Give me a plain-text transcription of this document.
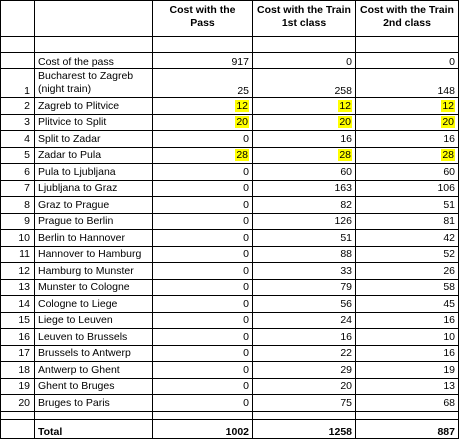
		Cost with the Pass	Cost with the Train 1st class	Cost with the Train 2nd class

	Cost of the pass	917	0	0
1	Bucharest to Zagreb (night train)	25	258	148
2	Zagreb to Plitvice	12	12	12
3	Plitvice to Split	20	20	20
4	Split to Zadar	0	16	16
5	Zadar to Pula	28	28	28
6	Pula to Ljubljana	0	60	60
7	Ljubljana to Graz	0	163	106
8	Graz to Prague	0	82	51
9	Prague to Berlin	0	126	81
10	Berlin to Hannover	0	51	42
11	Hannover to Hamburg	0	88	52
12	Hamburg to Munster	0	33	26
13	Munster to Cologne	0	79	58
14	Cologne to Liege	0	56	45
15	Liege to Leuven	0	24	16
16	Leuven to Brussels	0	16	10
17	Brussels to Antwerp	0	22	16
18	Antwerp to Ghent	0	29	19
19	Ghent to Bruges	0	20	13
20	Bruges to Paris	0	75	68

	Total	1002	1258	887
